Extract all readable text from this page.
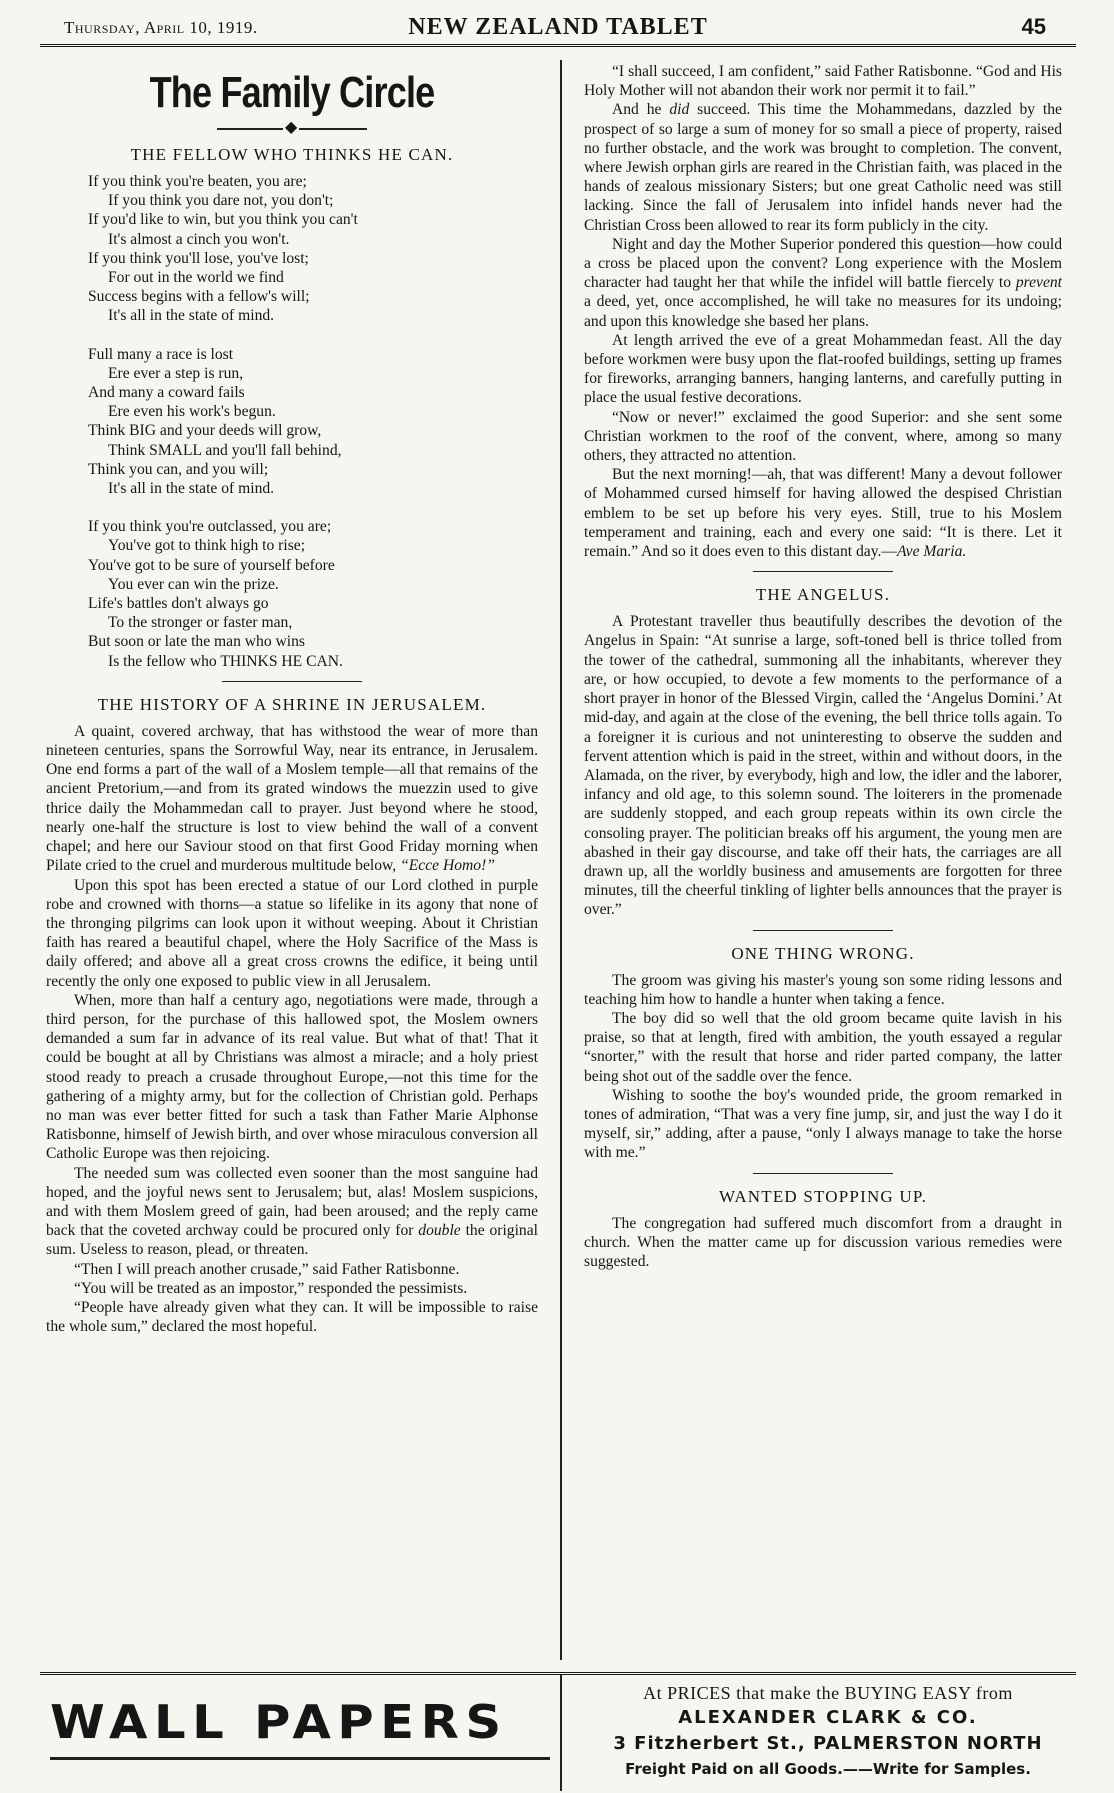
Thursday, April 10, 1919.	NEW ZEALAND TABLET	45
The Family Circle
◆
THE FELLOW WHO THINKS HE CAN.
If you think you're beaten, you are;
If you think you dare not, you don't;
If you'd like to win, but you think you can't
It's almost a cinch you won't.
If you think you'll lose, you've lost;
For out in the world we find
Success begins with a fellow's will;
It's all in the state of mind.
Full many a race is lost
Ere ever a step is run,
And many a coward fails
Ere even his work's begun.
Think BIG and your deeds will grow,
Think SMALL and you'll fall behind,
Think you can, and you will;
It's all in the state of mind.
If you think you're outclassed, you are;
You've got to think high to rise;
You've got to be sure of yourself before
You ever can win the prize.
Life's battles don't always go
To the stronger or faster man,
But soon or late the man who wins
Is the fellow who THINKS HE CAN.
THE HISTORY OF A SHRINE IN JERUSALEM.

A quaint, covered archway, that has withstood the wear of more than nineteen centuries, spans the Sorrowful Way, near its entrance, in Jerusalem. One end forms a part of the wall of a Moslem temple—all that remains of the ancient Pretorium,—and from its grated windows the muezzin used to give thrice daily the Mohammedan call to prayer. Just beyond where he stood, nearly one-half the structure is lost to view behind the wall of a convent chapel; and here our Saviour stood on that first Good Friday morning when Pilate cried to the cruel and murderous multitude below, “Ecce Homo!”

Upon this spot has been erected a statue of our Lord clothed in purple robe and crowned with thorns—a statue so lifelike in its agony that none of the thronging pilgrims can look upon it without weeping. About it Christian faith has reared a beautiful chapel, where the Holy Sacrifice of the Mass is daily offered; and above all a great cross crowns the edifice, it being until recently the only one exposed to public view in all Jerusalem.

When, more than half a century ago, negotiations were made, through a third person, for the purchase of this hallowed spot, the Moslem owners demanded a sum far in advance of its real value. But what of that! That it could be bought at all by Christians was almost a miracle; and a holy priest stood ready to preach a crusade throughout Europe,—not this time for the gathering of a mighty army, but for the collection of Christian gold. Perhaps no man was ever better fitted for such a task than Father Marie Alphonse Ratisbonne, himself of Jewish birth, and over whose miraculous conversion all Catholic Europe was then rejoicing.

The needed sum was collected even sooner than the most sanguine had hoped, and the joyful news sent to Jerusalem; but, alas! Moslem suspicions, and with them Moslem greed of gain, had been aroused; and the reply came back that the coveted archway could be procured only for double the original sum. Useless to reason, plead, or threaten.

“Then I will preach another crusade,” said Father Ratisbonne.

“You will be treated as an impostor,” responded the pessimists.

“People have already given what they can. It will be impossible to raise the whole sum,” declared the most hopeful.

“I shall succeed, I am confident,” said Father Ratisbonne. “God and His Holy Mother will not abandon their work nor permit it to fail.”

And he did succeed. This time the Mohammedans, dazzled by the prospect of so large a sum of money for so small a piece of property, raised no further obstacle, and the work was brought to completion. The convent, where Jewish orphan girls are reared in the Christian faith, was placed in the hands of zealous missionary Sisters; but one great Catholic need was still lacking. Since the fall of Jerusalem into infidel hands never had the Christian Cross been allowed to rear its form publicly in the city.

Night and day the Mother Superior pondered this question—how could a cross be placed upon the convent? Long experience with the Moslem character had taught her that while the infidel will battle fiercely to prevent a deed, yet, once accomplished, he will take no measures for its undoing; and upon this knowledge she based her plans.

At length arrived the eve of a great Mohammedan feast. All the day before workmen were busy upon the flat-roofed buildings, setting up frames for fireworks, arranging banners, hanging lanterns, and carefully putting in place the usual festive decorations.

“Now or never!” exclaimed the good Superior: and she sent some Christian workmen to the roof of the convent, where, among so many others, they attracted no attention.

But the next morning!—ah, that was different! Many a devout follower of Mohammed cursed himself for having allowed the despised Christian emblem to be set up before his very eyes. Still, true to his Moslem temperament and training, each and every one said: “It is there. Let it remain.” And so it does even to this distant day.—Ave Maria.

THE ANGELUS.

A Protestant traveller thus beautifully describes the devotion of the Angelus in Spain: “At sunrise a large, soft-toned bell is thrice tolled from the tower of the cathedral, summoning all the inhabitants, wherever they are, or how occupied, to devote a few moments to the performance of a short prayer in honor of the Blessed Virgin, called the ‘Angelus Domini.’ At mid-day, and again at the close of the evening, the bell thrice tolls again. To a foreigner it is curious and not uninteresting to observe the sudden and fervent attention which is paid in the street, within and without doors, in the Alamada, on the river, by everybody, high and low, the idler and the laborer, infancy and old age, to this solemn sound. The loiterers in the promenade are suddenly stopped, and each group repeats within its own circle the consoling prayer. The politician breaks off his argument, the young men are abashed in their gay discourse, and take off their hats, the carriages are all drawn up, all the worldly business and amusements are forgotten for three minutes, till the cheerful tinkling of lighter bells announces that the prayer is over.”

ONE THING WRONG.

The groom was giving his master's young son some riding lessons and teaching him how to handle a hunter when taking a fence.

The boy did so well that the old groom became quite lavish in his praise, so that at length, fired with ambition, the youth essayed a regular “snorter,” with the result that horse and rider parted company, the latter being shot out of the saddle over the fence.

Wishing to soothe the boy's wounded pride, the groom remarked in tones of admiration, “That was a very fine jump, sir, and just the way I do it myself, sir,” adding, after a pause, “only I always manage to take the horse with me.”

WANTED STOPPING UP.

The congregation had suffered much discomfort from a draught in church. When the matter came up for discussion various remedies were suggested.

WALL PAPERS
At PRICES that make the BUYING EASY from
ALEXANDER CLARK & CO.
3 Fitzherbert St., PALMERSTON NORTH
Freight Paid on all Goods.——Write for Samples.
